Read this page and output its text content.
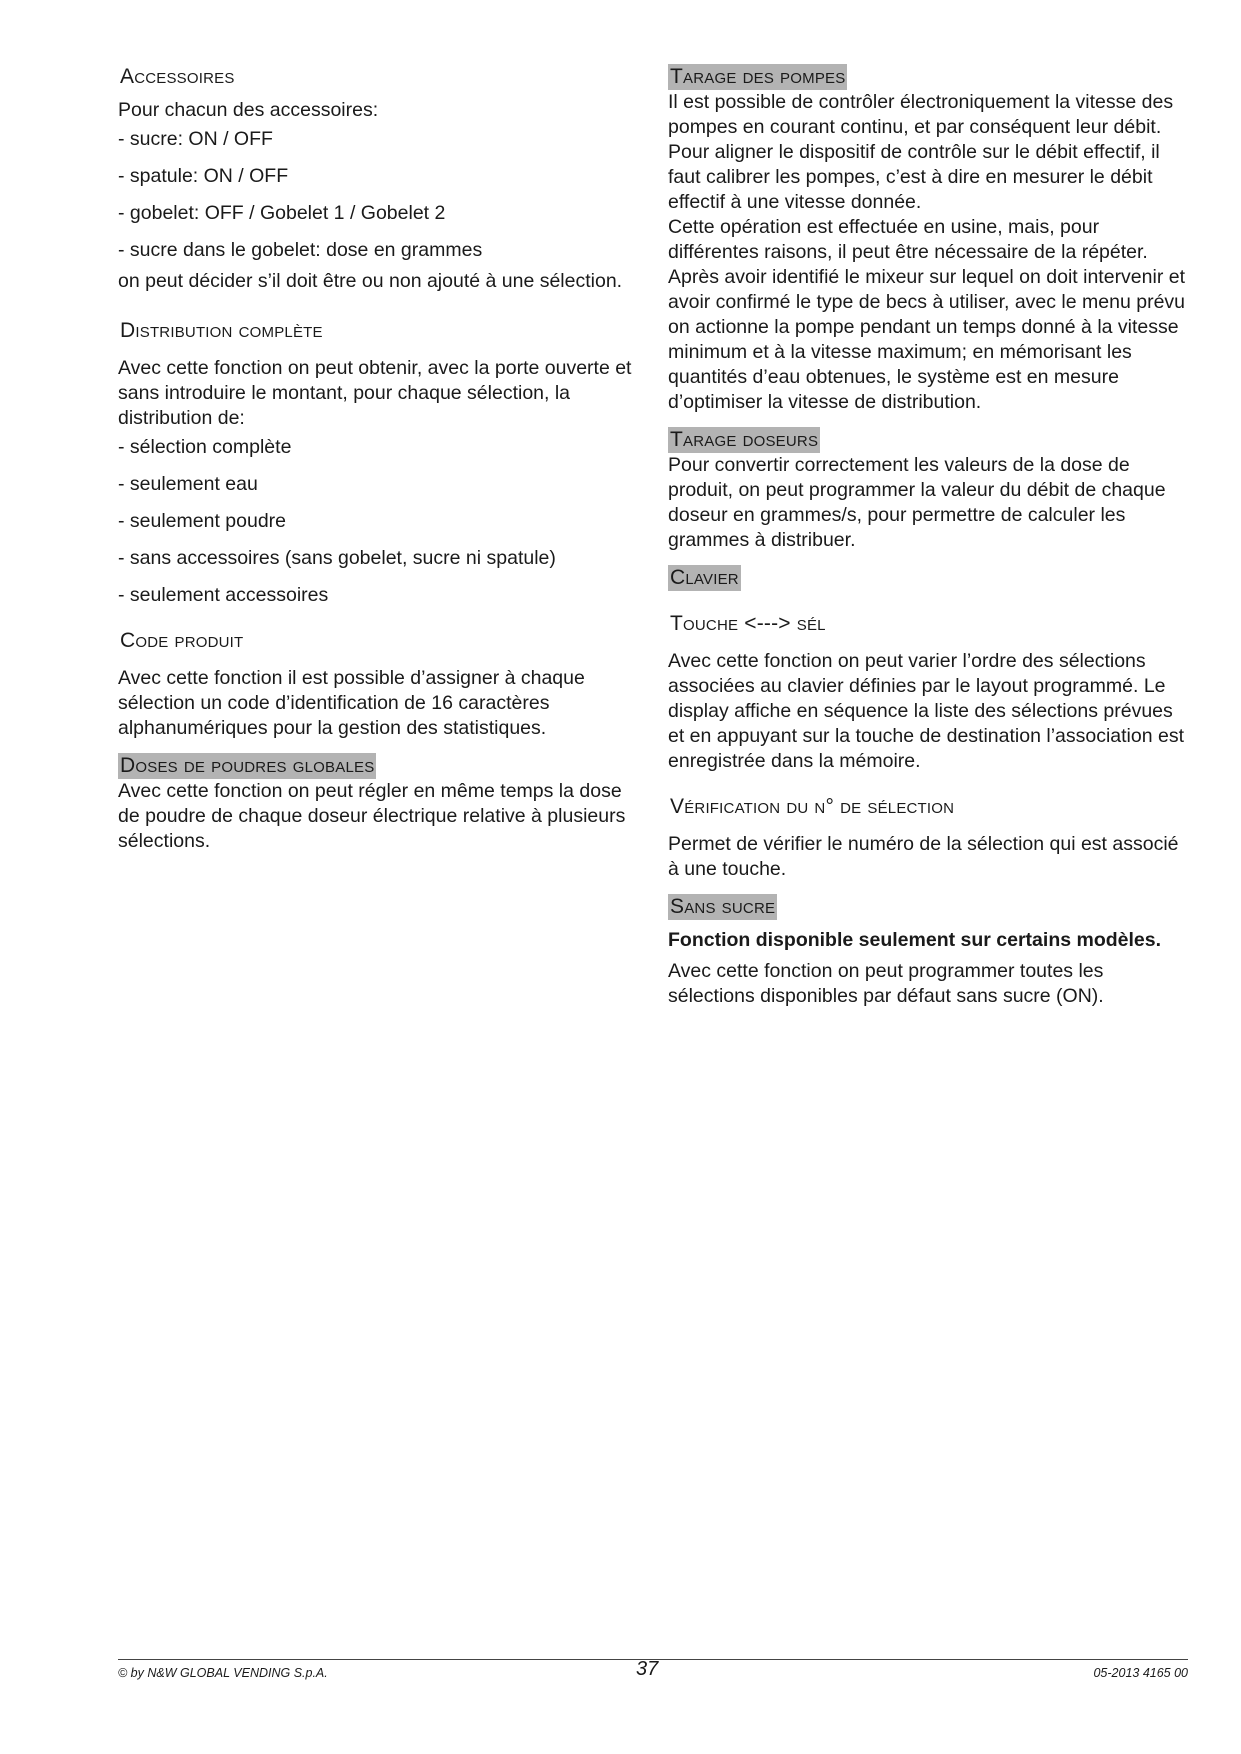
Accessoires

Pour chacun des accessoires:

- sucre: ON / OFF

- spatule: ON / OFF

- gobelet: OFF / Gobelet 1 / Gobelet 2

- sucre dans le gobelet: dose en grammes

on peut décider s’il doit être ou non ajouté à une sélection.

Distribution complète

Avec cette fonction on peut obtenir, avec la porte ouverte et sans introduire le montant, pour chaque sélection, la distribution de:

- sélection complète

- seulement eau

- seulement poudre

- sans accessoires (sans gobelet, sucre ni spatule)

- seulement accessoires

Code produit

Avec cette fonction il est possible d’assigner à chaque sélection un code d’identification de 16 caractères alphanumériques pour la gestion des statistiques.

Doses de poudres globales

Avec cette fonction on peut régler en même temps la dose de poudre de chaque doseur électrique relative à plusieurs sélections.

Tarage des pompes

Il est possible de contrôler électroniquement la vitesse des pompes en courant continu, et par conséquent leur débit.

Pour aligner le dispositif de contrôle sur le débit effectif, il faut calibrer les pompes, c’est à dire en mesurer le débit effectif à une vitesse donnée.

Cette opération est effectuée en usine, mais, pour différentes raisons, il peut être nécessaire de la répéter.

Après avoir identifié le mixeur sur lequel on doit intervenir et avoir confirmé le type de becs à utiliser, avec le menu prévu on actionne la pompe pendant un temps donné à la vitesse minimum et à la vitesse maximum; en mémorisant les quantités d’eau obtenues, le système est en mesure d’optimiser la vitesse de distribution.

Tarage doseurs

Pour convertir correctement les valeurs de la dose de produit, on peut programmer la valeur du débit de chaque doseur en grammes/s, pour permettre de calculer les grammes à distribuer.

Clavier
Touche <---> sél

Avec cette fonction on peut varier l’ordre des sélections associées au clavier définies par le layout programmé. Le display affiche en séquence la liste des sélections prévues et en appuyant sur la touche de destination l’association est enregistrée dans la mémoire.

Vérification du n° de sélection

Permet de vérifier le numéro de la sélection qui est associé à une touche.

Sans sucre

Fonction disponible seulement sur certains modèles.

Avec cette fonction on peut programmer toutes les sélections disponibles par défaut sans sucre (ON).

© by N&W GLOBAL VENDING S.p.A.	37	05-2013 4165 00
